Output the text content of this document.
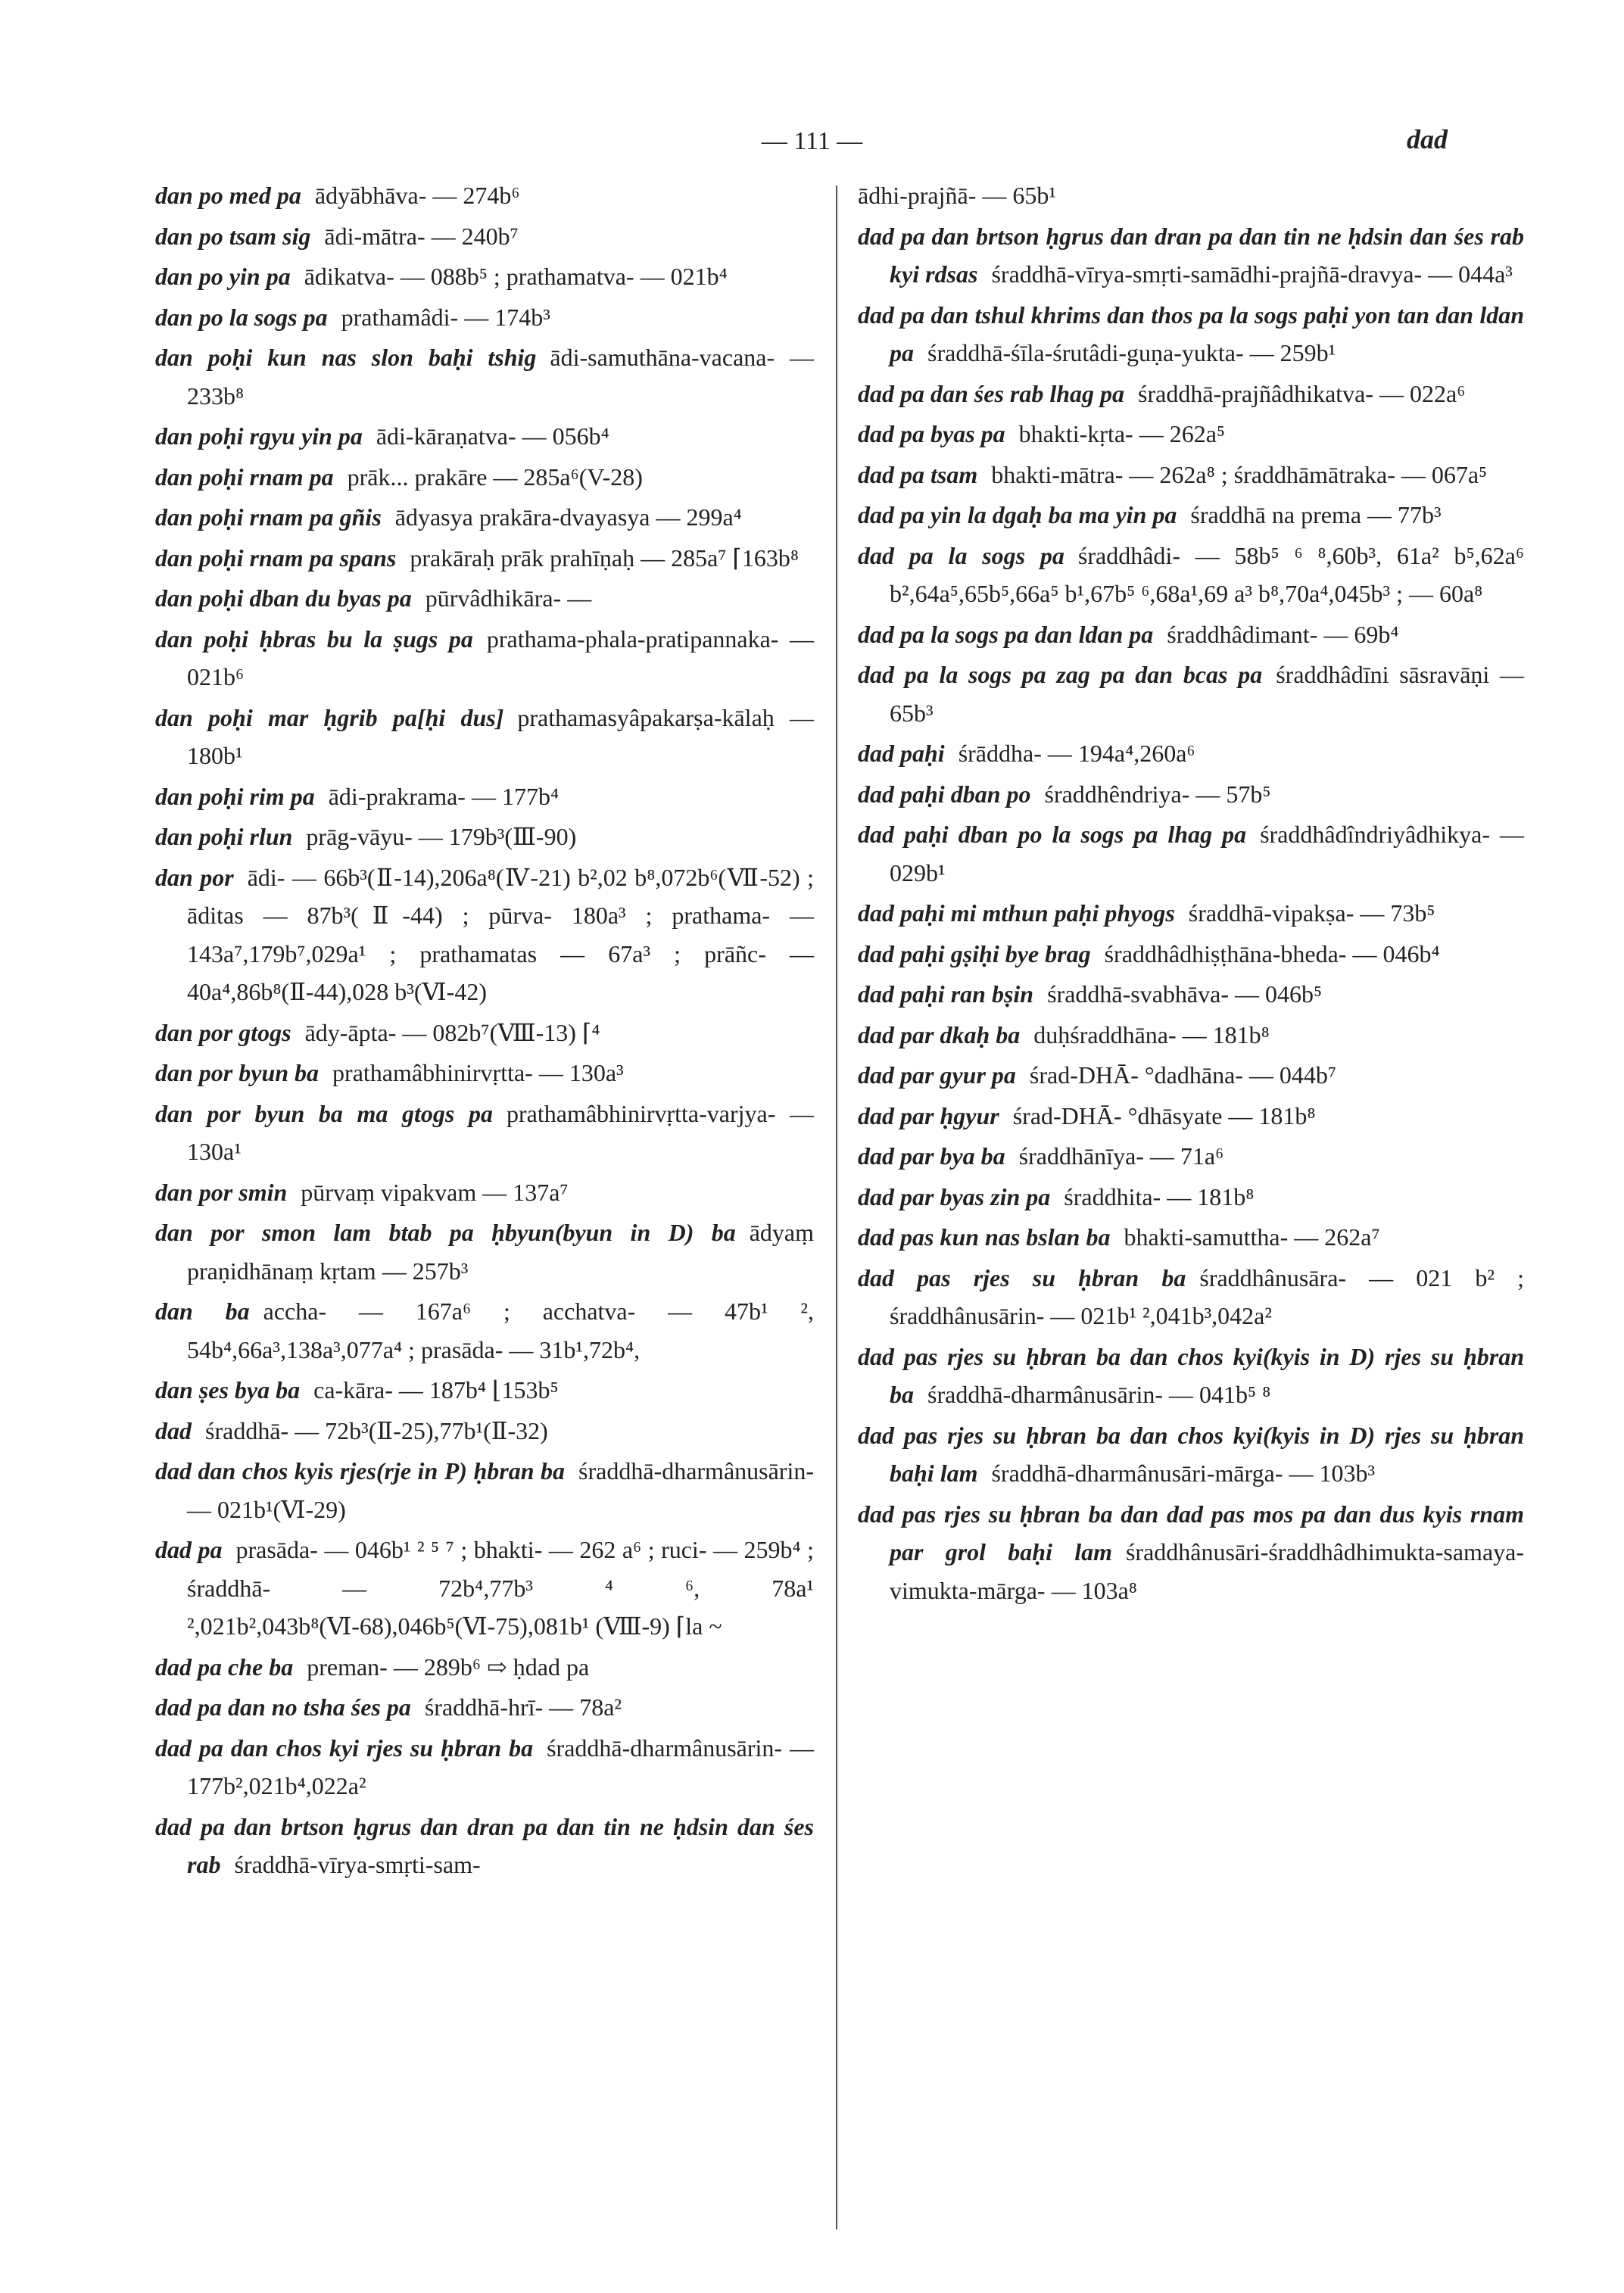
— 111 —	dad

dan po med pa ādyābhāva- — 274b⁶

dan po tsam sig ādi-mātra- — 240b⁷

dan po yin pa ādikatva- — 088b⁵ ; prathamatva- — 021b⁴

dan po la sogs pa prathamâdi- — 174b³

dan poḥi kun nas slon baḥi tshig ādi-samuthāna-vacana- — 233b⁸

dan poḥi rgyu yin pa ādi-kāraṇatva- — 056b⁴

dan poḥi rnam pa prāk... prakāre — 285a⁶(V-28)

dan poḥi rnam pa gñis ādyasya prakāra-dvayasya — 299a⁴

dan poḥi rnam pa spans prakāraḥ prāk prahīṇaḥ — 285a⁷ ⌈163b⁸

dan poḥi dban du byas pa pūrvâdhikāra- —

dan poḥi ḥbras bu la ṣugs pa prathama-phala-pratipannaka- — 021b⁶

dan poḥi mar ḥgrib pa[ḥi dus] prathamasyâpakarṣa-kālaḥ — 180b¹

dan poḥi rim pa ādi-prakrama- — 177b⁴

dan poḥi rlun prāg-vāyu- — 179b³(Ⅲ-90)

dan por ādi- — 66b³(Ⅱ-14),206a⁸(Ⅳ-21) b²,02 b⁸,072b⁶(Ⅶ-52) ; āditas — 87b³(Ⅱ-44) ; pūrva- 180a³ ; prathama- — 143a⁷,179b⁷,029a¹ ; prathamatas — 67a³ ; prāñc- — 40a⁴,86b⁸(Ⅱ-44),028 b³(Ⅵ-42)

dan por gtogs ādy-āpta- — 082b⁷(Ⅷ-13) ⌈⁴

dan por byun ba prathamâbhinirvṛtta- — 130a³

dan por byun ba ma gtogs pa prathamâbhinirvṛtta-varjya- — 130a¹

dan por smin pūrvaṃ vipakvam — 137a⁷

dan por smon lam btab pa ḥbyun(byun in D) ba ādyaṃ praṇidhānaṃ kṛtam — 257b³

dan ba accha- — 167a⁶ ; acchatva- — 47b¹ ², 54b⁴,66a³,138a³,077a⁴ ; prasāda- — 31b¹,72b⁴,

dan ṣes bya ba ca-kāra- — 187b⁴ ⌊153b⁵

dad śraddhā- — 72b³(Ⅱ-25),77b¹(Ⅱ-32)

dad dan chos kyis rjes(rje in P) ḥbran ba śraddhā-dharmânusārin- — 021b¹(Ⅵ-29)

dad pa prasāda- — 046b¹ ² ⁵ ⁷ ; bhakti- — 262 a⁶ ; ruci- — 259b⁴ ; śraddhā- — 72b⁴,77b³ ⁴ ⁶, 78a¹ ²,021b²,043b⁸(Ⅵ-68),046b⁵(Ⅵ-75),081b¹ (Ⅷ-9) ⌈la ~

dad pa che ba preman- — 289b⁶ ⇨ ḥdad pa

dad pa dan no tsha śes pa śraddhā-hrī- — 78a²

dad pa dan chos kyi rjes su ḥbran ba śraddhā-dharmânusārin- — 177b²,021b⁴,022a²

dad pa dan brtson ḥgrus dan dran pa dan tin ne ḥdsin dan śes rab śraddhā-vīrya-smṛti-sam-

ādhi-prajñā- — 65b¹

dad pa dan brtson ḥgrus dan dran pa dan tin ne ḥdsin dan śes rab kyi rdsas śraddhā-vīrya-smṛti-samādhi-prajñā-dravya- — 044a³

dad pa dan tshul khrims dan thos pa la sogs paḥi yon tan dan ldan pa śraddhā-śīla-śrutâdi-guṇa-yukta- — 259b¹

dad pa dan śes rab lhag pa śraddhā-prajñâdhikatva- — 022a⁶

dad pa byas pa bhakti-kṛta- — 262a⁵

dad pa tsam bhakti-mātra- — 262a⁸ ; śraddhāmātraka- — 067a⁵

dad pa yin la dgaḥ ba ma yin pa śraddhā na prema — 77b³

dad pa la sogs pa śraddhâdi- — 58b⁵ ⁶ ⁸,60b³, 61a² b⁵,62a⁶ b²,64a⁵,65b⁵,66a⁵ b¹,67b⁵ ⁶,68a¹,69 a³ b⁸,70a⁴,045b³ ; — 60a⁸

dad pa la sogs pa dan ldan pa śraddhâdimant- — 69b⁴

dad pa la sogs pa zag pa dan bcas pa śraddhâdīni sāsravāṇi — 65b³

dad paḥi śrāddha- — 194a⁴,260a⁶

dad paḥi dban po śraddhêndriya- — 57b⁵

dad paḥi dban po la sogs pa lhag pa śraddhâdîndriyâdhikya- — 029b¹

dad paḥi mi mthun paḥi phyogs śraddhā-vipakṣa- — 73b⁵

dad paḥi gṣiḥi bye brag śraddhâdhiṣṭhāna-bheda- — 046b⁴

dad paḥi ran bṣin śraddhā-svabhāva- — 046b⁵

dad par dkaḥ ba duḥśraddhāna- — 181b⁸

dad par gyur pa śrad-DHĀ- °dadhāna- — 044b⁷

dad par ḥgyur śrad-DHĀ- °dhāsyate — 181b⁸

dad par bya ba śraddhānīya- — 71a⁶

dad par byas zin pa śraddhita- — 181b⁸

dad pas kun nas bslan ba bhakti-samuttha- — 262a⁷

dad pas rjes su ḥbran ba śraddhânusāra- — 021 b² ; śraddhânusārin- — 021b¹ ²,041b³,042a²

dad pas rjes su ḥbran ba dan chos kyi(kyis in D) rjes su ḥbran ba śraddhā-dharmânusārin- — 041b⁵ ⁸

dad pas rjes su ḥbran ba dan chos kyi(kyis in D) rjes su ḥbran baḥi lam śraddhā-dharmânusāri-mārga- — 103b³

dad pas rjes su ḥbran ba dan dad pas mos pa dan dus kyis rnam par grol baḥi lam śraddhânusāri-śraddhâdhimukta-samaya-vimukta-mārga- — 103a⁸
